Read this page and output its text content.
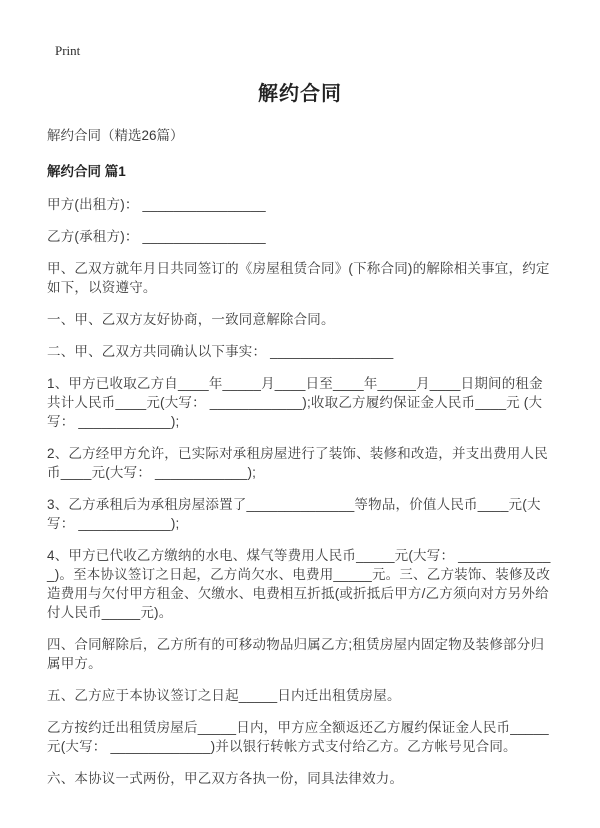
Print
解约合同

解约合同（精选26篇）

解约合同 篇1

甲方(出租方)： ________________

乙方(承租方)： ________________

甲、乙双方就年月日共同签订的《房屋租赁合同》(下称合同)的解除相关事宜，约定如下，以资遵守。

一、甲、乙双方友好协商，一致同意解除合同。

二、甲、乙双方共同确认以下事实： ________________

1、甲方已收取乙方自____年_____月____日至____年_____月____日期间的租金共计人民币____元(大写： ____________);收取乙方履约保证金人民币____元 (大写： ____________);

2、乙方经甲方允许，已实际对承租房屋进行了装饰、装修和改造，并支出费用人民币____元(大写： ____________);

3、乙方承租后为承租房屋添置了______________等物品，价值人民币____元(大写： ____________);

4、甲方已代收乙方缴纳的水电、煤气等费用人民币_____元(大写： _____________)。至本协议签订之日起，乙方尚欠水、电费用_____元。三、乙方装饰、装修及改造费用与欠付甲方租金、欠缴水、电费相互折抵(或折抵后甲方/乙方须向对方另外给付人民币_____元)。

四、合同解除后，乙方所有的可移动物品归属乙方;租赁房屋内固定物及装修部分归属甲方。

五、乙方应于本协议签订之日起_____日内迁出租赁房屋。

乙方按约迁出租赁房屋后_____日内，甲方应全额返还乙方履约保证金人民币_____元(大写： _____________)并以银行转帐方式支付给乙方。乙方帐号见合同。

六、本协议一式两份，甲乙双方各执一份，同具法律效力。
